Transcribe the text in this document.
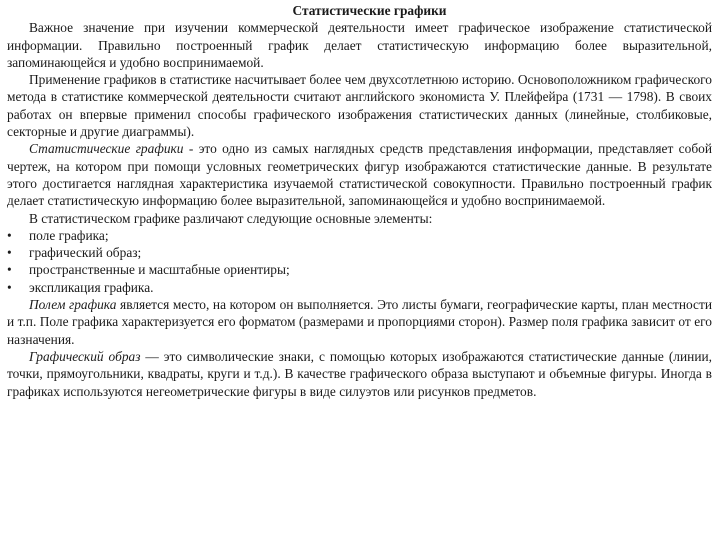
Статистические графики

Важное значение при изучении коммерческой деятельности имеет графическое изображение статистической информации. Правильно построенный график делает статистическую информацию более выразительной, запоминающейся и удобно воспринимаемой.

Применение графиков в статистике насчитывает более чем двухсотлетнюю историю. Основоположником графического метода в статистике коммерческой деятельности считают английского экономиста У. Плейфейра (1731 — 1798). В своих работах он впервые применил способы графического изображения статистических данных (линейные, столбиковые, секторные и другие диаграммы).

Статистические графики - это одно из самых наглядных средств представления информации, представляет собой чертеж, на котором при помощи условных геометрических фигур изображаются статистические данные. В результате этого достигается наглядная характеристика изучаемой статистической совокупности. Правильно построенный график делает статистическую информацию более выразительной, запоминающейся и удобно воспринимаемой.

В статистическом графике различают следующие основные элементы:

• поле графика;
• графический образ;
• пространственные и масштабные ориентиры;
• экспликация графика.

Полем графика является место, на котором он выполняется. Это листы бумаги, географические карты, план местности и т.п. Поле графика характеризуется его форматом (размерами и пропорциями сторон). Размер поля графика зависит от его назначения.

Графический образ — это символические знаки, с помощью которых изображаются статистические данные (линии, точки, прямоугольники, квадраты, круги и т.д.). В качестве графического образа выступают и объемные фигуры. Иногда в графиках используются негеометрические фигуры в виде силуэтов или рисунков предметов.
